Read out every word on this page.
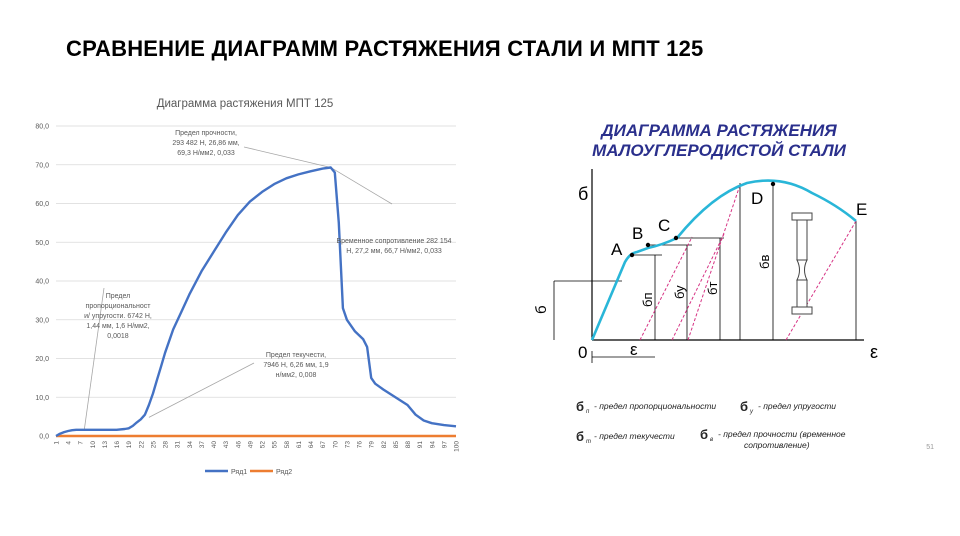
СРАВНЕНИЕ ДИАГРАММ РАСТЯЖЕНИЯ СТАЛИ И МПТ 125
Диаграмма растяжения МПТ 125
0,0
10,0
20,0
30,0
40,0
50,0
60,0
70,0
80,0
1 4 7 10 13 16 19 22 25 28 31 34 37 40 43 46 49 52 55 58 61 64 67 70 73 76 79 82 85 88 91 94 97 100
Предел прочности,
293 482 Н, 26,86 мм,
69,3 Н/мм2, 0,033
Временное сопротивление 282 154
Н, 27,2 мм, 66,7 Н/мм2, 0,033
Предел
пропорциональност
и/ упругости. 6742 Н,
1,44 мм, 1,6 Н/мм2,
0,0018
Предел текучести,
7946 Н, 6,26 мм, 1,9
н/мм2, 0,008
Ряд1	Ряд2
ДИАГРАММА РАСТЯЖЕНИЯ
МАЛОУГЛЕРОДИСТОЙ СТАЛИ
б
ε
0	ε
A
B C
D
E
б
бп
бу бт
бв
б п
- предел пропорциональности б у
- предел упругости
б т
- предел текучести б в
- предел прочности (временное
сопротивление)	51
